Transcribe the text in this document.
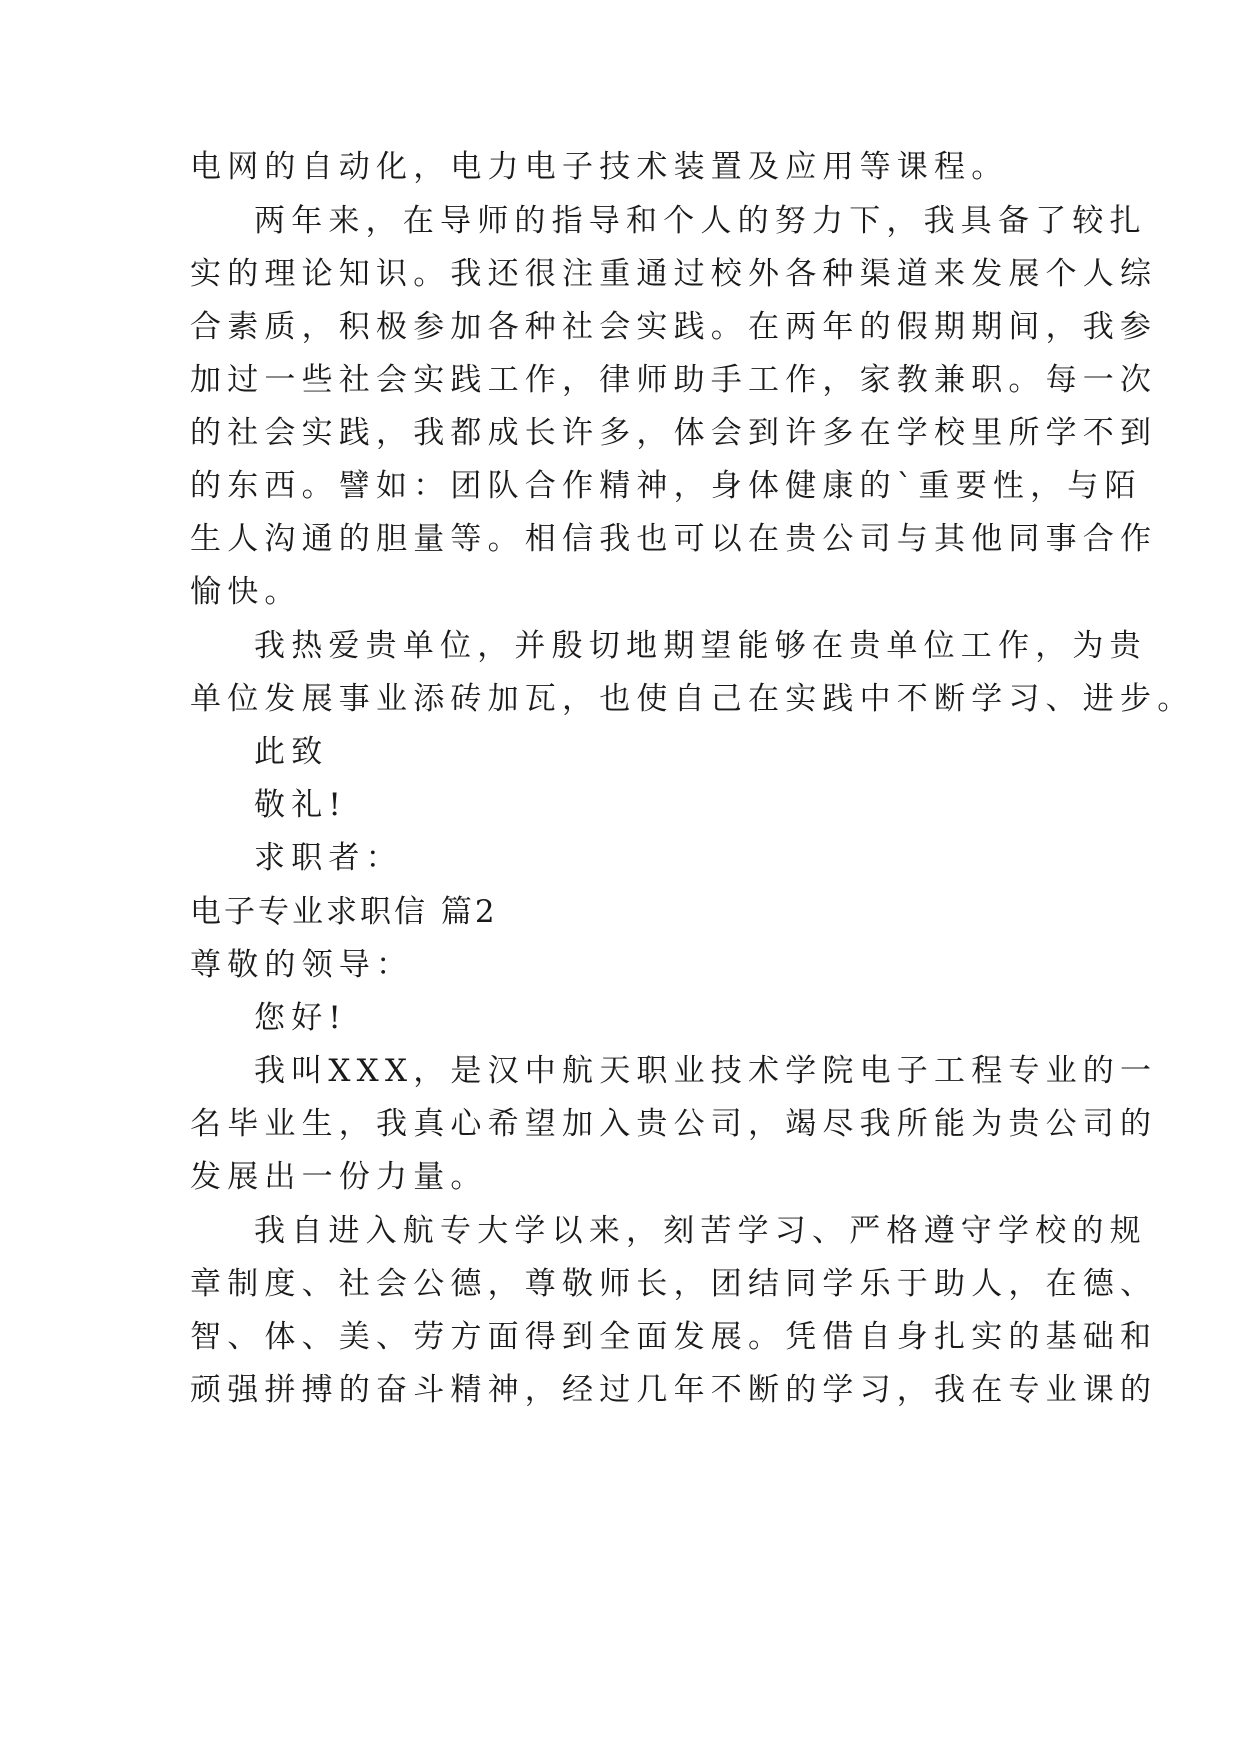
电网的自动化，电力电子技术装置及应用等课程。
两年来，在导师的指导和个人的努力下，我具备了较扎
实的理论知识。我还很注重通过校外各种渠道来发展个人综
合素质，积极参加各种社会实践。在两年的假期期间，我参
加过一些社会实践工作，律师助手工作，家教兼职。每一次
的社会实践，我都成长许多，体会到许多在学校里所学不到
的东西。譬如：团队合作精神，身体健康的`重要性，与陌
生人沟通的胆量等。相信我也可以在贵公司与其他同事合作
愉快。
我热爱贵单位，并殷切地期望能够在贵单位工作，为贵
单位发展事业添砖加瓦，也使自己在实践中不断学习、进步。
此致
敬礼!
求职者：
电子专业求职信 篇2
尊敬的领导：
您好!
我叫XXX，是汉中航天职业技术学院电子工程专业的一
名毕业生，我真心希望加入贵公司，竭尽我所能为贵公司的
发展出一份力量。
我自进入航专大学以来，刻苦学习、严格遵守学校的规
章制度、社会公德，尊敬师长，团结同学乐于助人，在德、
智、体、美、劳方面得到全面发展。凭借自身扎实的基础和
顽强拼搏的奋斗精神，经过几年不断的学习，我在专业课的
